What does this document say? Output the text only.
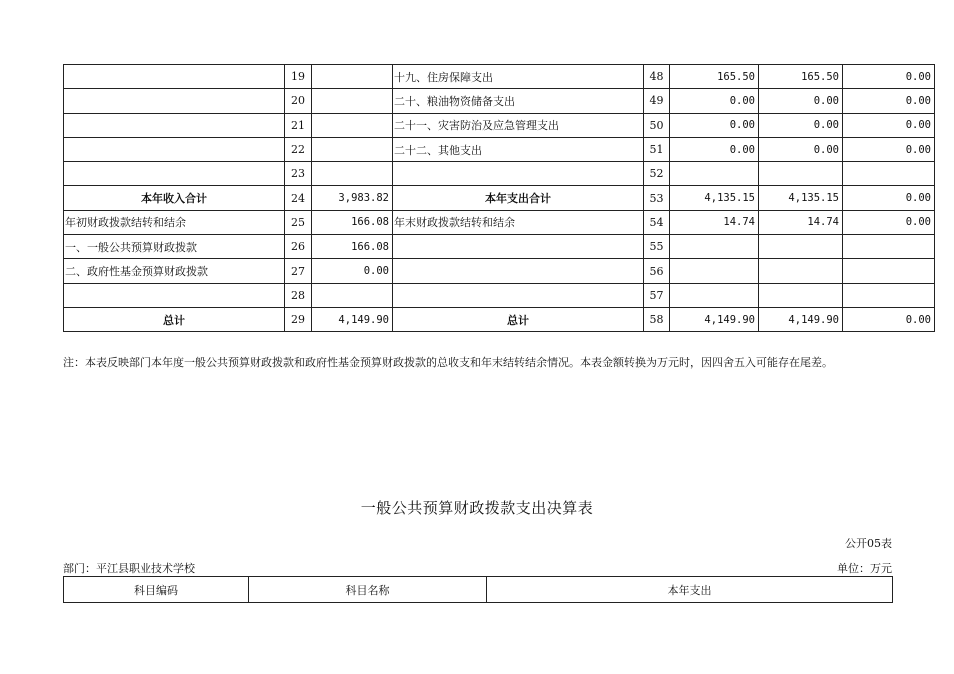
	19		十九、住房保障支出	48	165.50	165.50	0.00
	20		二十、粮油物资储备支出	49	0.00	0.00	0.00
	21		二十一、灾害防治及应急管理支出	50	0.00	0.00	0.00
	22		二十二、其他支出	51	0.00	0.00	0.00
	23			52			
本年收入合计	24	3,983.82	本年支出合计	53	4,135.15	4,135.15	0.00
年初财政拨款结转和结余	25	166.08	年末财政拨款结转和结余	54	14.74	14.74	0.00
一、一般公共预算财政拨款	26	166.08		55			
二、政府性基金预算财政拨款	27	0.00		56			
	28			57			
总计	29	4,149.90	总计	58	4,149.90	4,149.90	0.00
注：本表反映部门本年度一般公共预算财政拨款和政府性基金预算财政拨款的总收支和年末结转结余情况。本表金额转换为万元时，因四舍五入可能存在尾差。
一般公共预算财政拨款支出决算表
公开05表
部门：平江县职业技术学校	单位：万元
科目编码	科目名称	本年支出
